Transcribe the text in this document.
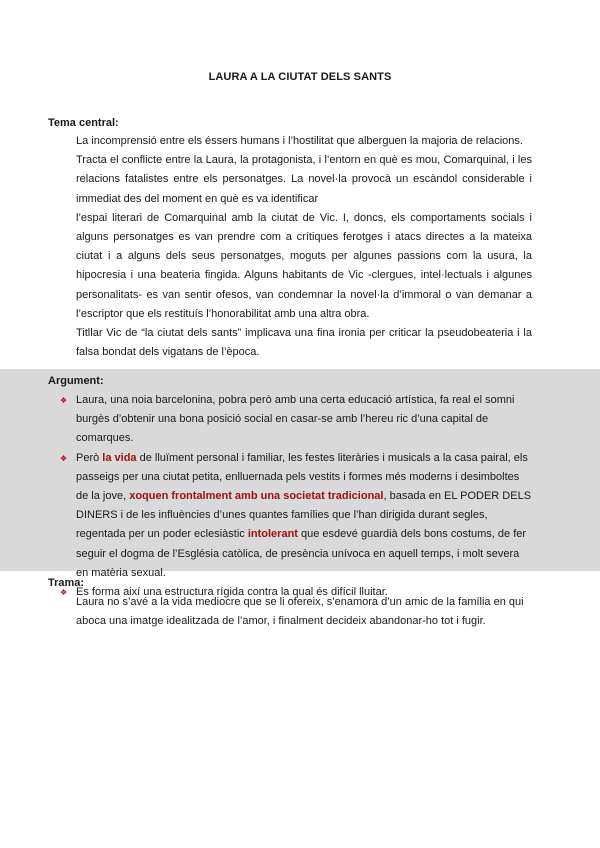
LAURA A LA CIUTAT DELS SANTS
Tema central:

La incomprensió entre els éssers humans i l’hostilitat que alberguen la majoria de relacions.

Tracta el conflicte entre la Laura, la protagonista, i l’entorn en què es mou, Comarquinal, i les relacions fatalistes entre els personatges. La novel·la provocà un escàndol considerable i immediat des del moment en què es va identificar

l’espai literari de Comarquinal amb la ciutat de Vic. I, doncs, els comportaments socials i alguns personatges es van prendre com a crítiques ferotges i atacs directes a la mateixa ciutat i a alguns dels seus personatges, moguts per algunes passions com la usura, la hipocresia i una beateria fingida. Alguns habitants de Vic -clergues, intel·lectuals i algunes personalitats- es van sentir ofesos, van condemnar la novel·la d’immoral o van demanar a l’escriptor que els restituís l’honorabilitat amb una altra obra.

Titllar Vic de “la ciutat dels sants” implicava una fina ironia per criticar la pseudobeateria i la falsa bondat dels vigatans de l’època.

Argument:
❖ Laura, una noia barcelonina, pobra però amb una certa educació artística, fa real el somni burgès d’obtenir una bona posició social en casar-se amb l’hereu ric d’una capital de comarques.
❖ Però la vida de lluïment personal i familiar, les festes literàries i musicals a la casa pairal, els passeigs per una ciutat petita, enlluernada pels vestits i formes més moderns i desimboltes de la jove, xoquen frontalment amb una societat tradicional, basada en EL PODER DELS DINERS i de les influències d’unes quantes famílies que l’han dirigida durant segles, regentada per un poder eclesiàstic intolerant que esdevé guardià dels bons costums, de fer seguir el dogma de l’Església catòlica, de presència unívoca en aquell temps, i molt severa en matèria sexual.
❖ Es forma així una estructura rígida contra la qual és difícil lluitar.
Trama:

Laura no s’avé a la vida mediocre que se li ofereix, s’enamora d’un amic de la família en qui aboca una imatge idealitzada de l’amor, i finalment decideix abandonar-ho tot i fugir.
